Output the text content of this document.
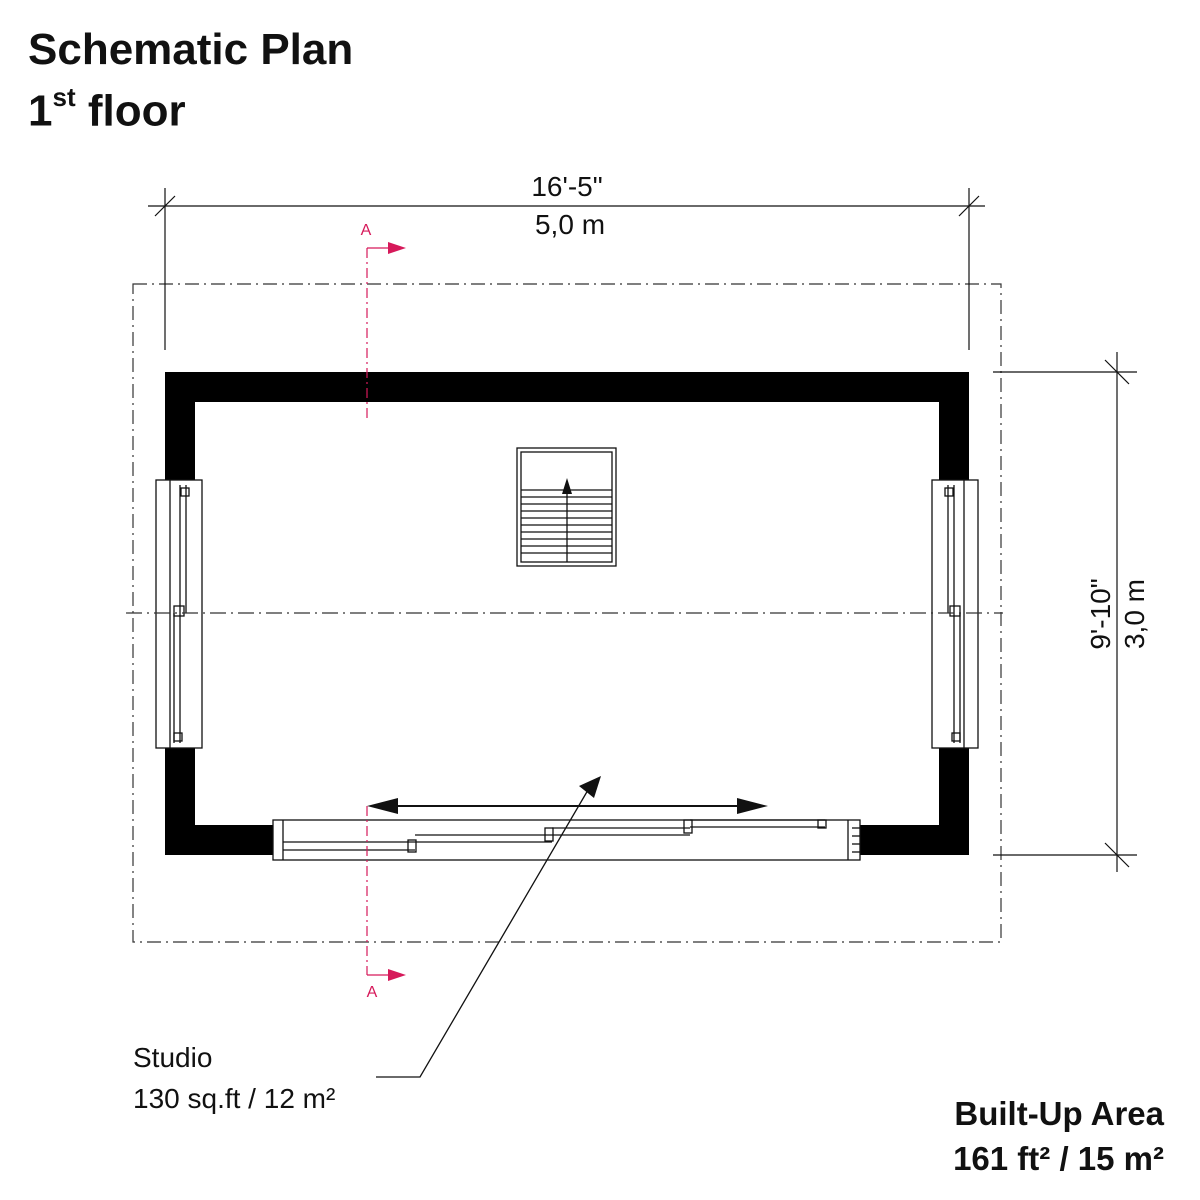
Schematic Plan
1st floor
A
A
16'-5"
5,0 m
9'-10" 3,0 m
Studio
130 sq.ft / 12 m²	Built-Up Area
161 ft² / 15 m²
